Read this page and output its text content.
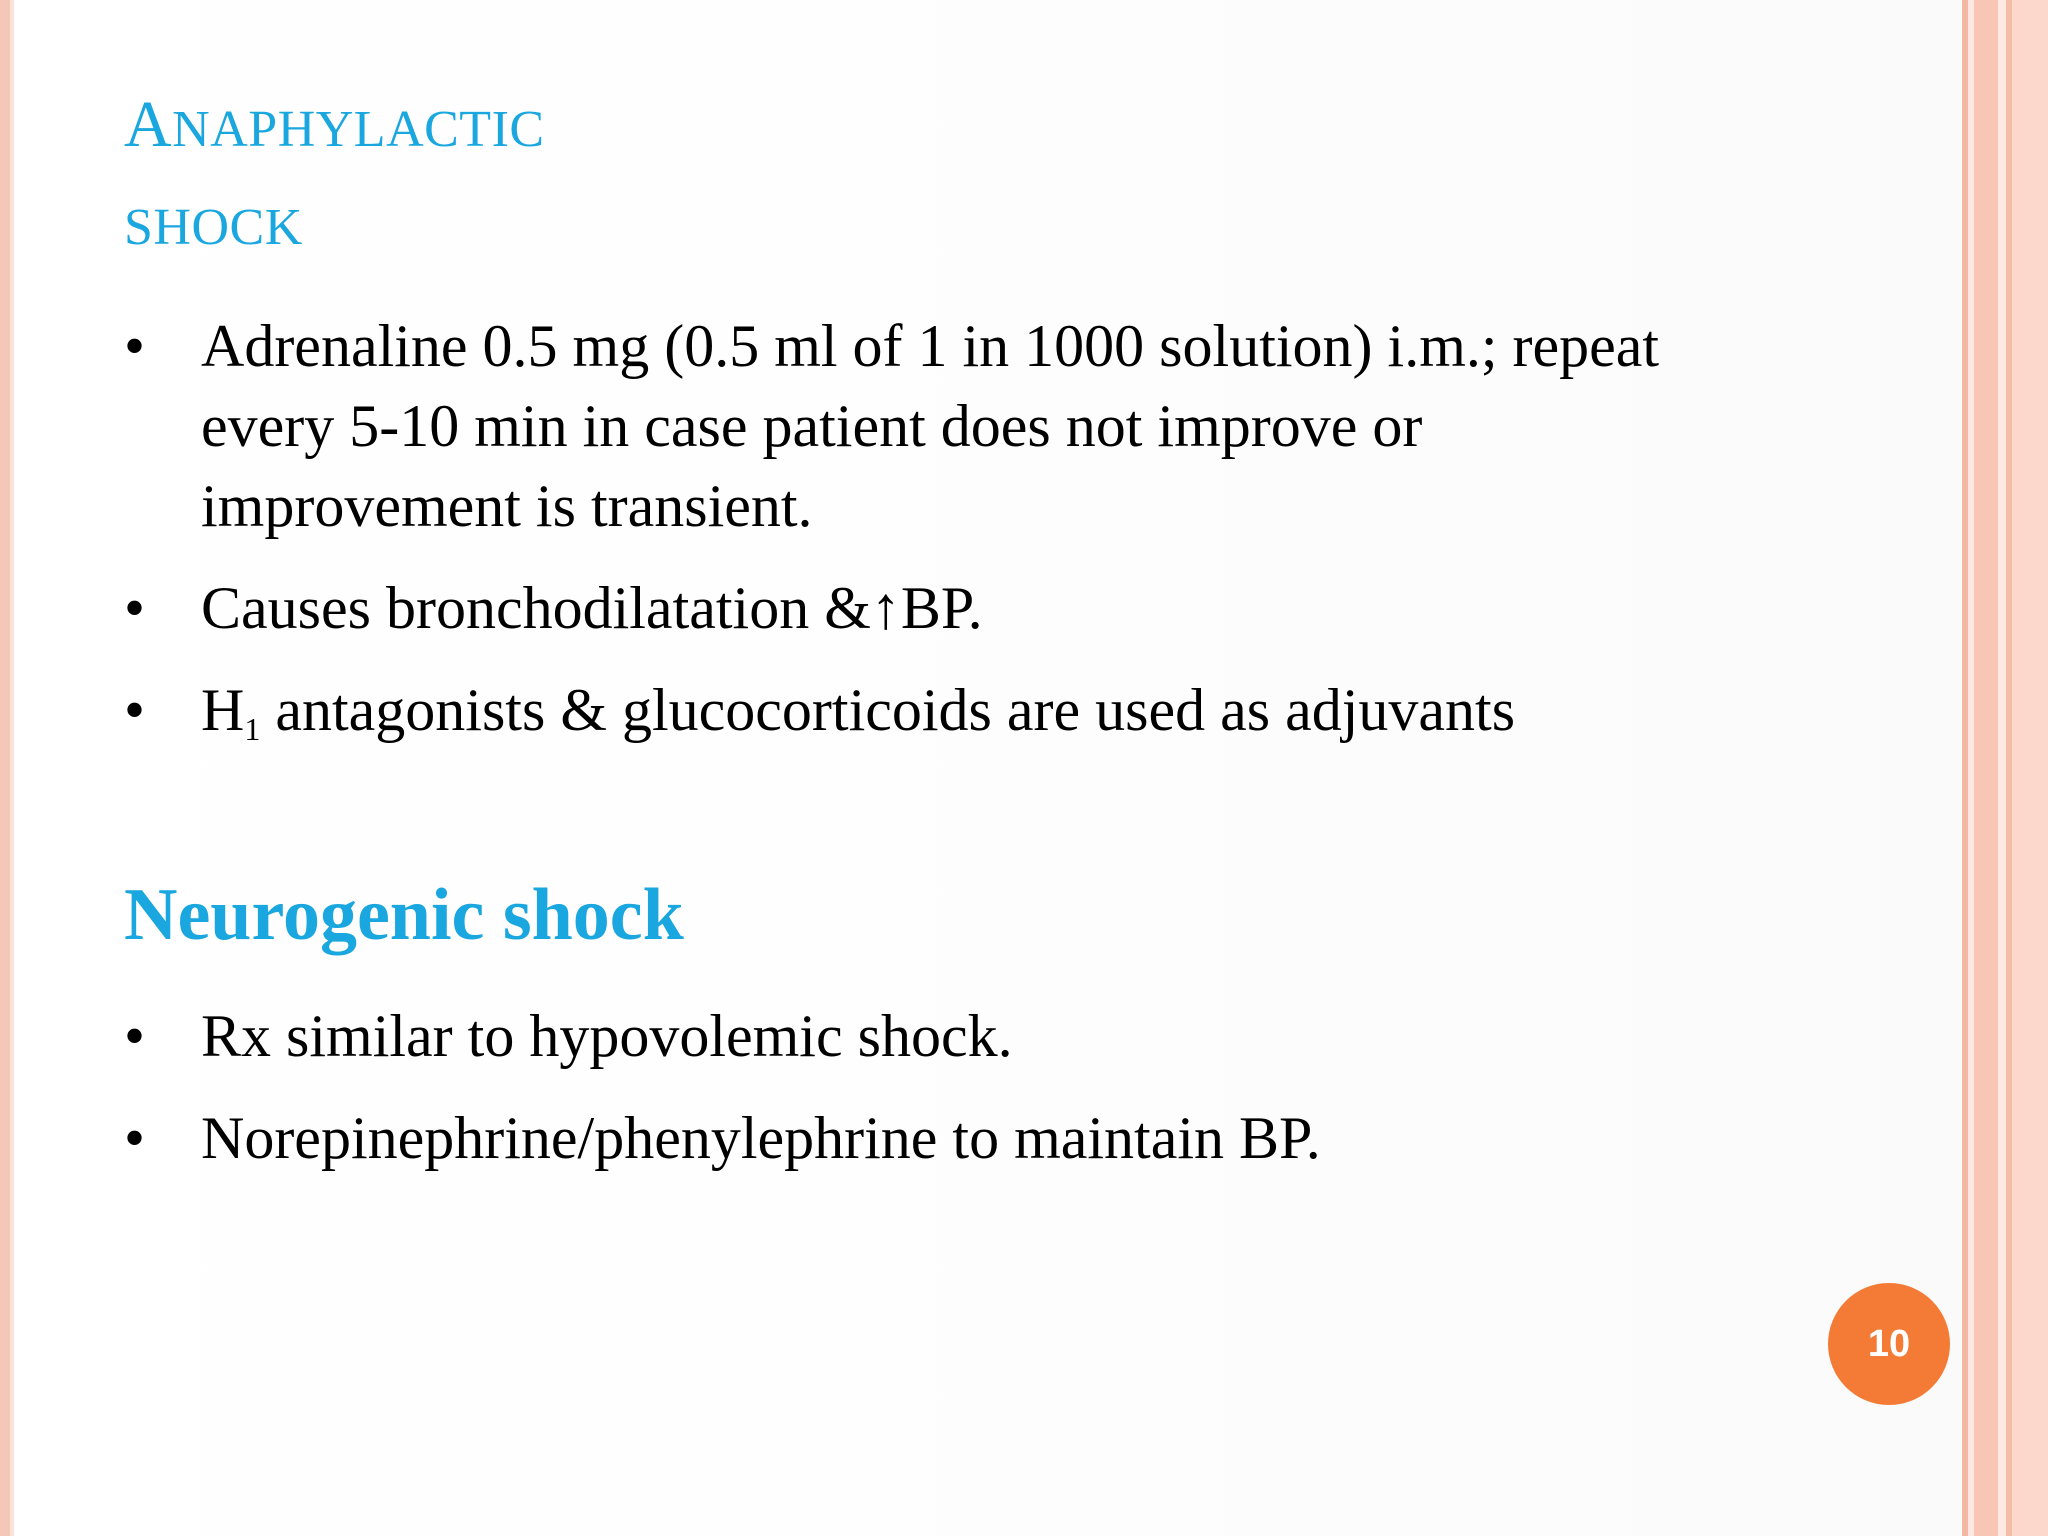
ANAPHYLACTIC
SHOCK
• Adrenaline 0.5 mg (0.5 ml of 1 in 1000 solution) i.m.; repeat
every 5-10 min in case patient does not improve or
improvement is transient.
• Causes bronchodilatation &↑BP.
• $H_1$ antagonists & glucocorticoids are used as adjuvants
Neurogenic shock
• Rx similar to hypovolemic shock.
• Norepinephrine/phenylephrine to maintain BP.
10
